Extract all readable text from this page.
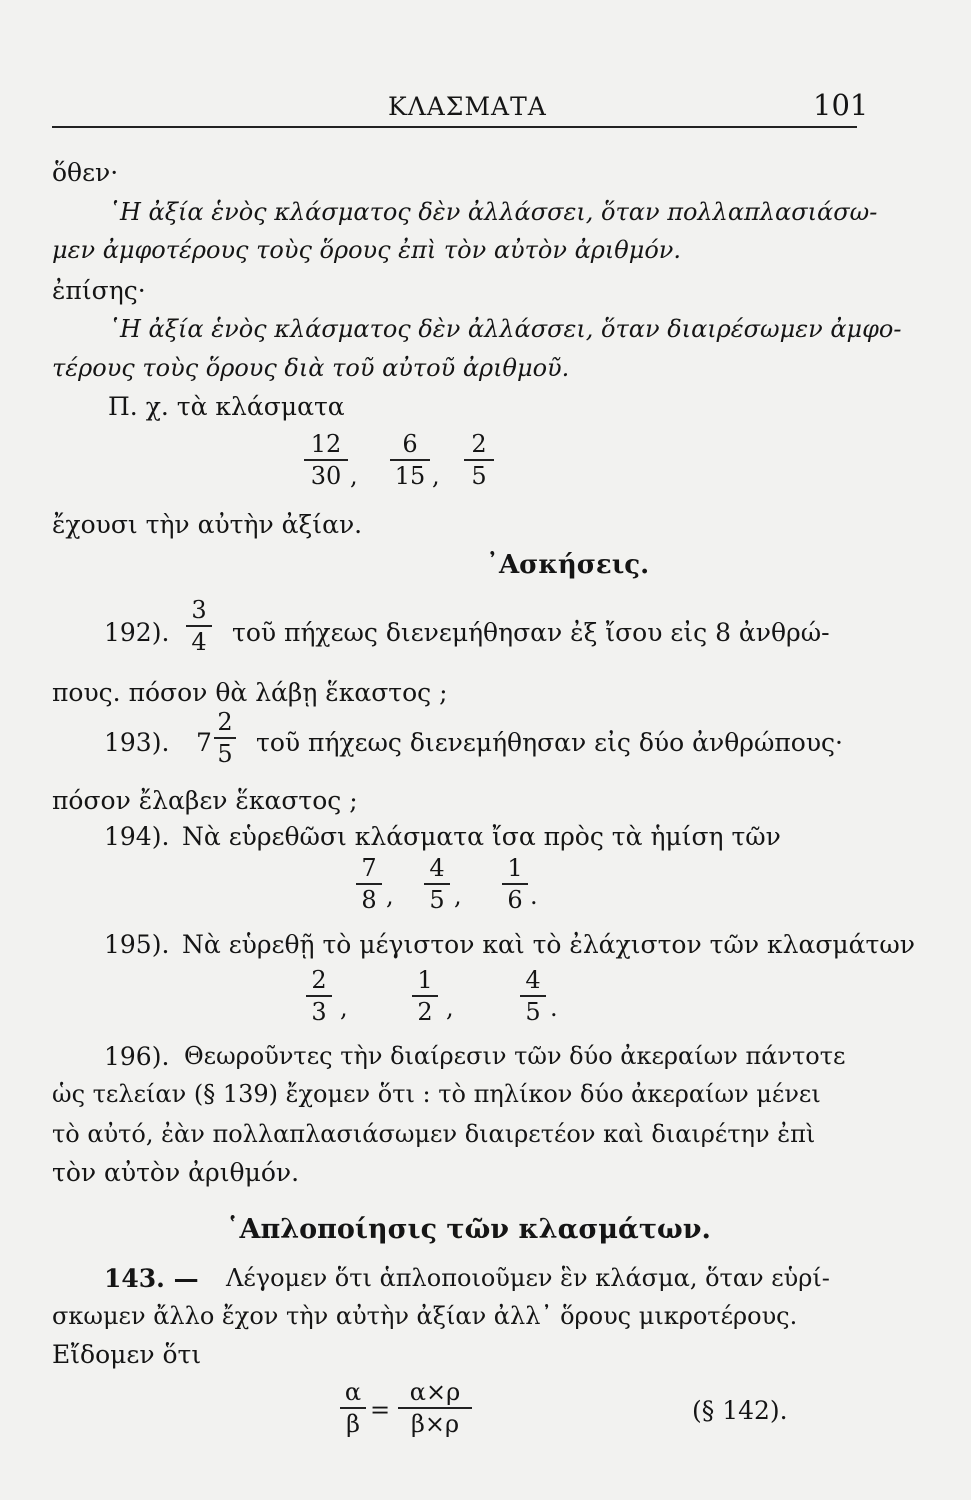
ΚΛΑΣΜΑΤΑ	101
ὅθεν·
῾Η ἀξία ἑνὸς κλάσματος δὲν ἀλλάσσει, ὅταν πολλαπλασιάσω-
μεν ἀμφοτέρους τοὺς ὅρους ἐπὶ τὸν αὐτὸν ἀριθμόν.
ἐπίσης·
῾Η ἀξία ἑνὸς κλάσματος δὲν ἀλλάσσει, ὅταν διαιρέσωμεν ἀμφο-
τέρους τοὺς ὅρους διὰ τοῦ αὐτοῦ ἀριθμοῦ.
Π. χ. τὰ κλάσματα
12
30 ,
6
15 ,
2
5
ἔχουσι τὴν αὐτὴν ἀξίαν.
᾿Ασκήσεις.
192).
3
4 τοῦ πήχεως διενεμήθησαν ἐξ ἴσου εἰς 8 ἀνθρώ-
πους. πόσον θὰ λάβῃ ἕκαστος ;
193). 7
2
5 τοῦ πήχεως διενεμήθησαν εἰς δύο ἀνθρώπους·
πόσον ἔλαβεν ἕκαστος ;
194). Νὰ εὑρεθῶσι κλάσματα ἴσα πρὸς τὰ ἡμίση τῶν
7
8 ,
4
5 ,
1
6 .
195). Νὰ εὑρεθῇ τὸ μέγιστον καὶ τὸ ἐλάχιστον τῶν κλασμάτων
2
3 ,
1
2 ,
4
5 .
196). Θεωροῦντες τὴν διαίρεσιν τῶν δύο ἀκεραίων πάντοτε
ὡς τελείαν (§ 139) ἔχομεν ὅτι : τὸ πηλίκον δύο ἀκεραίων μένει
τὸ αὐτό, ἐὰν πολλαπλασιάσωμεν διαιρετέον καὶ διαιρέτην ἐπὶ
τὸν αὐτὸν ἀριθμόν.
῾Απλοποίησις τῶν κλασμάτων.
143. — Λέγομεν ὅτι ἁπλοποιοῦμεν ἓν κλάσμα, ὅταν εὑρί-
σκωμεν ἄλλο ἔχον τὴν αὐτὴν ἀξίαν ἀλλ᾿ ὅρους μικροτέρους.
Εἴδομεν ὅτι
α
β =
α×ρ
β×ρ	(§ 142).
